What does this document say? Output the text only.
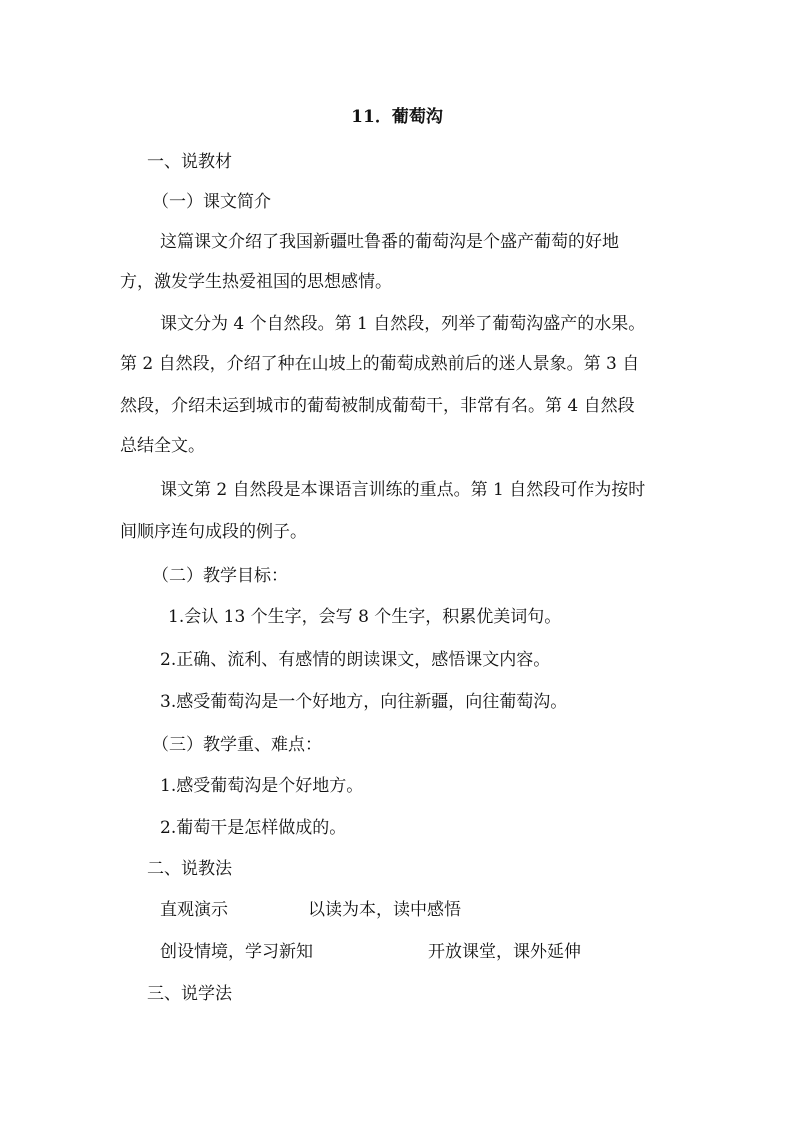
11．葡萄沟
一、说教材
（一）课文简介
这篇课文介绍了我国新疆吐鲁番的葡萄沟是个盛产葡萄的好地
方，激发学生热爱祖国的思想感情。
课文分为 4 个自然段。第 1 自然段，列举了葡萄沟盛产的水果。
第 2 自然段，介绍了种在山坡上的葡萄成熟前后的迷人景象。第 3 自
然段，介绍未运到城市的葡萄被制成葡萄干，非常有名。第 4 自然段
总结全文。
课文第 2 自然段是本课语言训练的重点。第 1 自然段可作为按时
间顺序连句成段的例子。
（二）教学目标：
1.会认 13 个生字，会写 8 个生字，积累优美词句。
2.正确、流利、有感情的朗读课文，感悟课文内容。
3.感受葡萄沟是一个好地方，向往新疆，向往葡萄沟。
（三）教学重、难点：
1.感受葡萄沟是个好地方。
2.葡萄干是怎样做成的。
二、说教法
直观演示	以读为本，读中感悟
创设情境，学习新知	开放课堂，课外延伸
三、说学法
